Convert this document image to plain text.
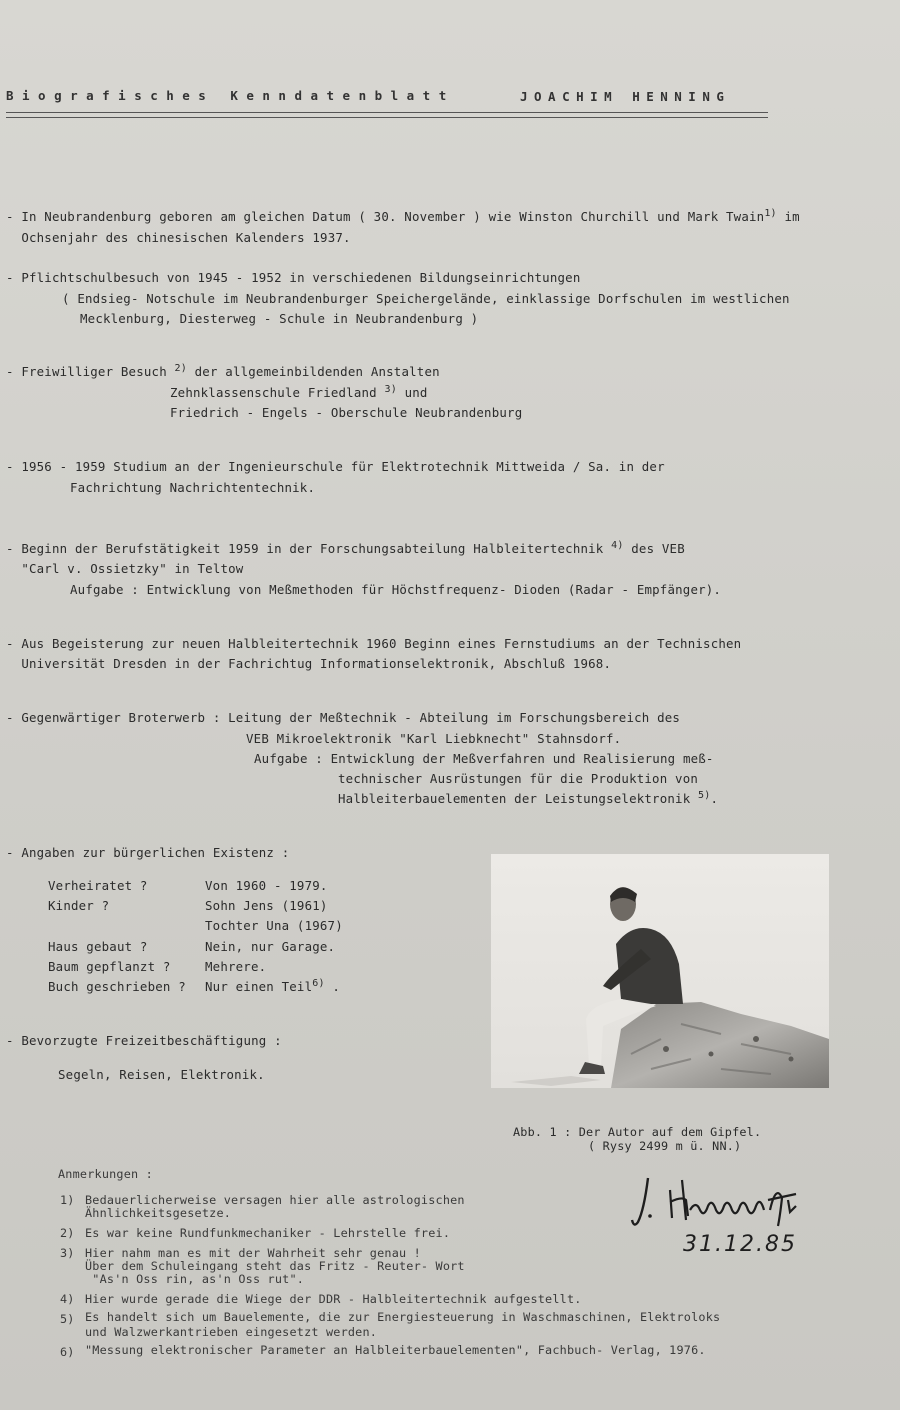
Biografisches Kenndatenblatt	JOACHIM HENNING
- In Neubrandenburg geboren am gleichen Datum ( 30. November ) wie Winston Churchill und Mark Twain$^{1)}$ im
Ochsenjahr des chinesischen Kalenders 1937.
- Pflichtschulbesuch von 1945 - 1952 in verschiedenen Bildungseinrichtungen
( Endsieg- Notschule im Neubrandenburger Speichergelände, einklassige Dorfschulen im westlichen
Mecklenburg, Diesterweg - Schule in Neubrandenburg )
- Freiwilliger Besuch $^{2)}$ der allgemeinbildenden Anstalten
Zehnklassenschule Friedland $^{3)}$ und
Friedrich - Engels - Oberschule Neubrandenburg
- 1956 - 1959 Studium an der Ingenieurschule für Elektrotechnik Mittweida / Sa. in der
Fachrichtung Nachrichtentechnik.
- Beginn der Berufstätigkeit 1959 in der Forschungsabteilung Halbleitertechnik $^{4)}$ des VEB
"Carl v. Ossietzky" in Teltow
Aufgabe : Entwicklung von Meßmethoden für Höchstfrequenz- Dioden (Radar - Empfänger).
- Aus Begeisterung zur neuen Halbleitertechnik 1960 Beginn eines Fernstudiums an der Technischen
Universität Dresden in der Fachrichtug Informationselektronik, Abschluß 1968.
- Gegenwärtiger Broterwerb : Leitung der Meßtechnik - Abteilung im Forschungsbereich des
VEB Mikroelektronik "Karl Liebknecht" Stahnsdorf.
Aufgabe : Entwicklung der Meßverfahren und Realisierung meß-
technischer Ausrüstungen für die Produktion von
Halbleiterbauelementen der Leistungselektronik $^{5)}$.
- Angaben zur bürgerlichen Existenz :
Verheiratet ?	Von 1960 - 1979.
Kinder ?	Sohn Jens (1961)
Tochter Una (1967)
Haus gebaut ?	Nein, nur Garage.
Baum gepflanzt ?	Mehrere.
Buch geschrieben ? Nur einen Teil$^{6)}$ .
- Bevorzugte Freizeitbeschäftigung :
Segeln, Reisen, Elektronik.
Abb. 1 : Der Autor auf dem Gipfel.
( Rysy 2499 m ü. NN.)
Anmerkungen :
1) Bedauerlicherweise versagen hier alle astrologischen
Ähnlichkeitsgesetze.
2) Es war keine Rundfunkmechaniker - Lehrstelle frei.
3) Hier nahm man es mit der Wahrheit sehr genau !
Über dem Schuleingang steht das Fritz - Reuter- Wort
"As'n Oss rin, as'n Oss rut".
4) Hier wurde gerade die Wiege der DDR - Halbleitertechnik aufgestellt.
5) Es handelt sich um Bauelemente, die zur Energiesteuerung in Waschmaschinen, Elektroloks
und Walzwerkantrieben eingesetzt werden.
6) "Messung elektronischer Parameter an Halbleiterbauelementen", Fachbuch- Verlag, 1976.
31.12.85
